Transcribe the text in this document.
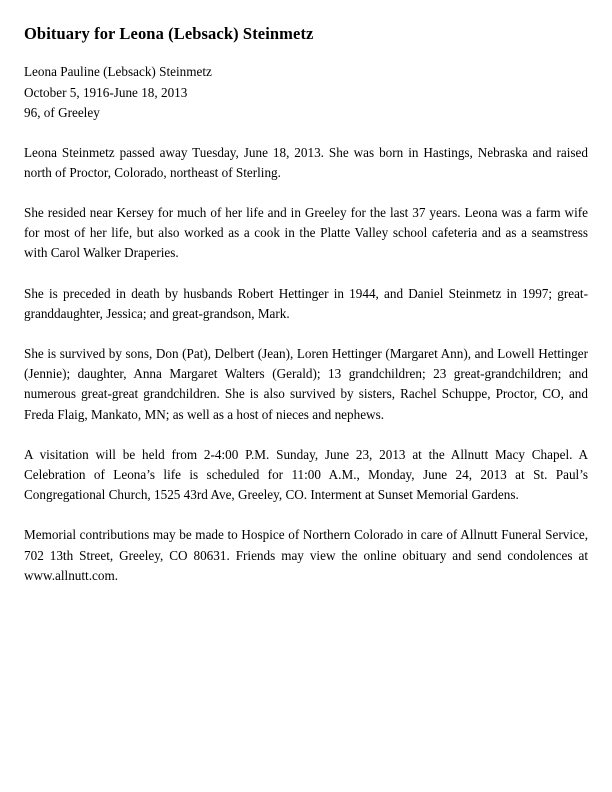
Obituary for Leona (Lebsack) Steinmetz
Leona Pauline (Lebsack) Steinmetz
October 5, 1916-June 18, 2013
96, of Greeley

Leona Steinmetz passed away Tuesday, June 18, 2013. She was born in Hastings, Nebraska and raised north of Proctor, Colorado, northeast of Sterling.

She resided near Kersey for much of her life and in Greeley for the last 37 years. Leona was a farm wife for most of her life, but also worked as a cook in the Platte Valley school cafeteria and as a seamstress with Carol Walker Draperies.

She is preceded in death by husbands Robert Hettinger in 1944, and Daniel Steinmetz in 1997; great-granddaughter, Jessica; and great-grandson, Mark.

She is survived by sons, Don (Pat), Delbert (Jean), Loren Hettinger (Margaret Ann), and Lowell Hettinger (Jennie); daughter, Anna Margaret Walters (Gerald); 13 grandchildren; 23 great-grandchildren; and numerous great-great grandchildren. She is also survived by sisters, Rachel Schuppe, Proctor, CO, and Freda Flaig, Mankato, MN; as well as a host of nieces and nephews.

A visitation will be held from 2-4:00 P.M. Sunday, June 23, 2013 at the Allnutt Macy Chapel. A Celebration of Leona’s life is scheduled for 11:00 A.M., Monday, June 24, 2013 at St. Paul’s Congregational Church, 1525 43rd Ave, Greeley, CO. Interment at Sunset Memorial Gardens.

Memorial contributions may be made to Hospice of Northern Colorado in care of Allnutt Funeral Service, 702 13th Street, Greeley, CO 80631. Friends may view the online obituary and send condolences at www.allnutt.com.
